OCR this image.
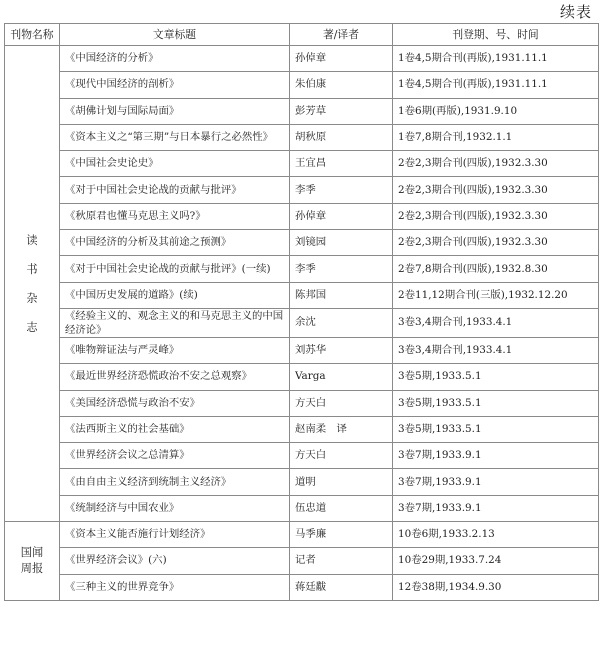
续表
刊物名称	文章标题	著/译者	刊登期、号、时间

读
书
杂
志	《中国经济的分析》	孙倬章	1卷4,5期合刊(再版),1931.11.1
	《现代中国经济的剖析》	朱伯康	1卷4,5期合刊(再版),1931.11.1
	《胡佛计划与国际局面》	彭芳草	1卷6期(再版),1931.9.10
	《资本主义之“第三期”与日本暴行之必然性》	胡秋原	1卷7,8期合刊,1932.1.1
	《中国社会史论史》	王宜昌	2卷2,3期合刊(四版),1932.3.30
	《对于中国社会史论战的贡献与批评》	李季	2卷2,3期合刊(四版),1932.3.30
	《秋原君也懂马克思主义吗?》	孙倬章	2卷2,3期合刊(四版),1932.3.30
	《中国经济的分析及其前途之预测》	刘镜园	2卷2,3期合刊(四版),1932.3.30
	《对于中国社会史论战的贡献与批评》(一续)	李季	2卷7,8期合刊(四版),1932.8.30
	《中国历史发展的道路》(续)	陈邦国	2卷11,12期合刊(三版),1932.12.20
	《经验主义的、观念主义的和马克思主义的中国经济论》	余沈	3卷3,4期合刊,1933.4.1
	《唯物辩证法与严灵峰》	刘苏华	3卷3,4期合刊,1933.4.1
	《最近世界经济恐慌政治不安之总观察》	Varga	3卷5期,1933.5.1
	《美国经济恐慌与政治不安》	方天白	3卷5期,1933.5.1
	《法西斯主义的社会基础》	赵南柔　译	3卷5期,1933.5.1
	《世界经济会议之总清算》	方天白	3卷7期,1933.9.1
	《由自由主义经济到统制主义经济》	道明	3卷7期,1933.9.1
	《统制经济与中国农业》	伍忠道	3卷7期,1933.9.1

国闻
周报	《资本主义能否施行计划经济》	马季廉	10卷6期,1933.2.13
	《世界经济会议》(六)	记者	10卷29期,1933.7.24
	《三种主义的世界竞争》	蒋廷黻	12卷38期,1934.9.30
